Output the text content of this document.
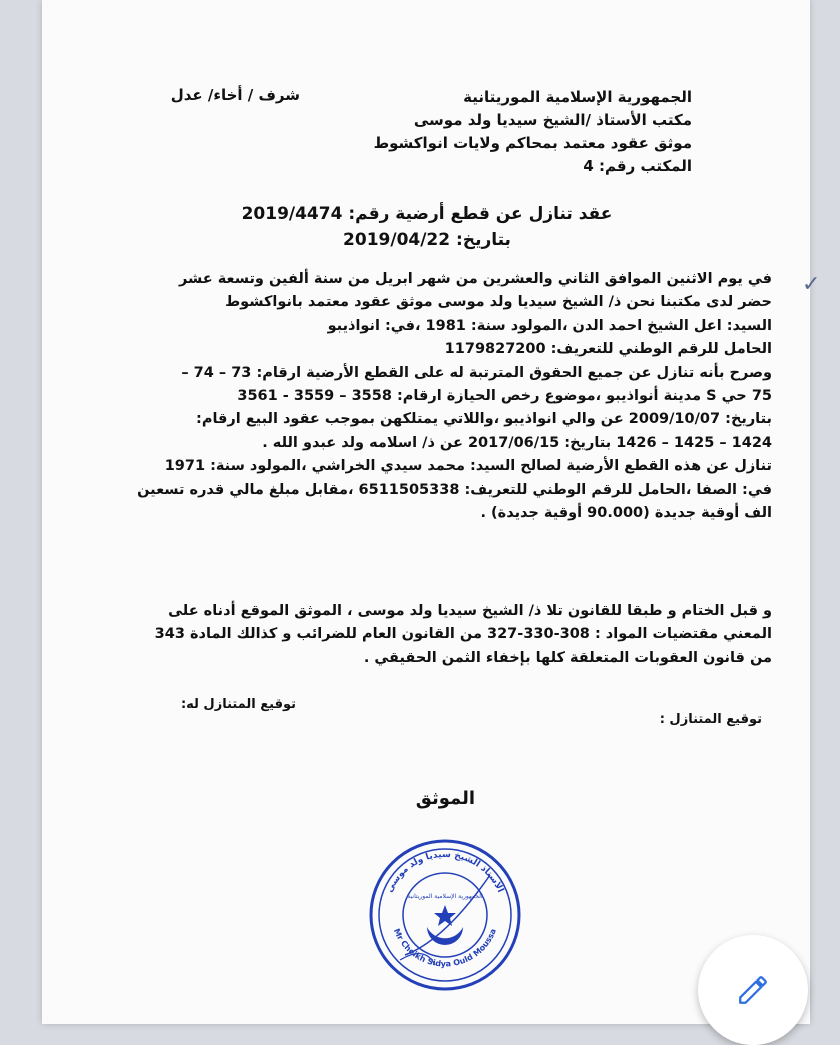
شرف / أخاء/ عدل	الجمهورية الإسلامية الموريتانية
مكتب الأستاذ /الشيخ سيديا ولد موسى
موثق عقود معتمد بمحاكم ولايات انواكشوط
المكتب رقم: 4
عقد تنازل عن قطع أرضية رقم: 2019/4474
بتاريخ: 2019/04/22
في يوم الاثنين الموافق الثاني والعشرين من شهر ابريل من سنة ألفين وتسعة عشر
حضر لدى مكتبنا نحن ذ/ الشيخ سيديا ولد موسى موثق عقود معتمد بانواكشوط
السيد: اعل الشيخ احمد الدن ،المولود سنة: 1981 ،في: انواذيبو
الحامل للرقم الوطني للتعريف: 1179827200
وصرح بأنه تنازل عن جميع الحقوق المترتبة له على القطع الأرضية ارقام: 73 – 74 –
75 حي S مدينة أنواذيبو ،موضوع رخص الحيازة ارقام: 3558 – 3559 - 3561
بتاريخ: 2009/10/07 عن والي انواذيبو ،واللاتي يمتلكهن بموجب عقود البيع ارقام:
1424 – 1425 – 1426 بتاريخ: 2017/06/15 عن ذ/ اسلامه ولد عبدو الله .
تنازل عن هذه القطع الأرضية لصالح السيد: محمد سيدي الخراشي ،المولود سنة: 1971
في: الصفا ،الحامل للرقم الوطني للتعريف: 6511505338 ،مقابل مبلغ مالي قدره تسعين
الف أوقية جديدة (90.000 أوقية جديدة) .
و قبل الختام و طبقا للقانون تلا ذ/ الشيخ سيديا ولد موسى ، الموثق الموقع أدناه على
المعني مقتضيات المواد : 308-330-327 من القانون العام للضرائب و كذالك المادة 343
من قانون العقوبات المتعلقة كلها بإخفاء الثمن الحقيقي .
توقيع المتنازل له:
توقيع المتنازل :
الموثق
✓
الأستاذ الشيخ سيديا ولد موسى
Mr Cheikh Sidya Ould Moussa
الجمهورية الإسلامية الموريتانية
